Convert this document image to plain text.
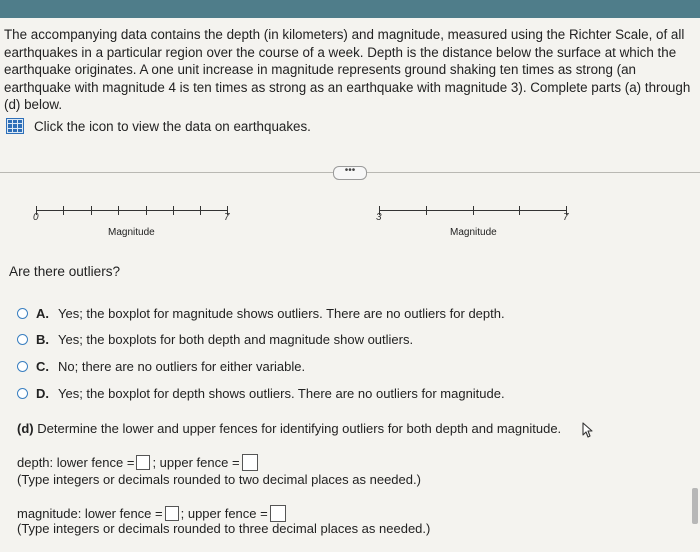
The accompanying data contains the depth (in kilometers) and magnitude, measured using the Richter Scale, of all earthquakes in a particular region over the course of a week. Depth is the distance below the surface at which the earthquake originates. A one unit increase in magnitude represents ground shaking ten times as strong (an earthquake with magnitude 4 is ten times as strong as an earthquake with magnitude 3). Complete parts (a) through (d) below.
Click the icon to view the data on earthquakes.
•••
0	7
Magnitude
3	7
Magnitude
Are there outliers?
A. Yes; the boxplot for magnitude shows outliers. There are no outliers for depth.
B. Yes; the boxplots for both depth and magnitude show outliers.
C. No; there are no outliers for either variable.
D. Yes; the boxplot for depth shows outliers. There are no outliers for magnitude.
(d) Determine the lower and upper fences for identifying outliers for both depth and magnitude.
depth: lower fence = ; upper fence =
(Type integers or decimals rounded to two decimal places as needed.)
magnitude: lower fence = ; upper fence =
(Type integers or decimals rounded to three decimal places as needed.)
